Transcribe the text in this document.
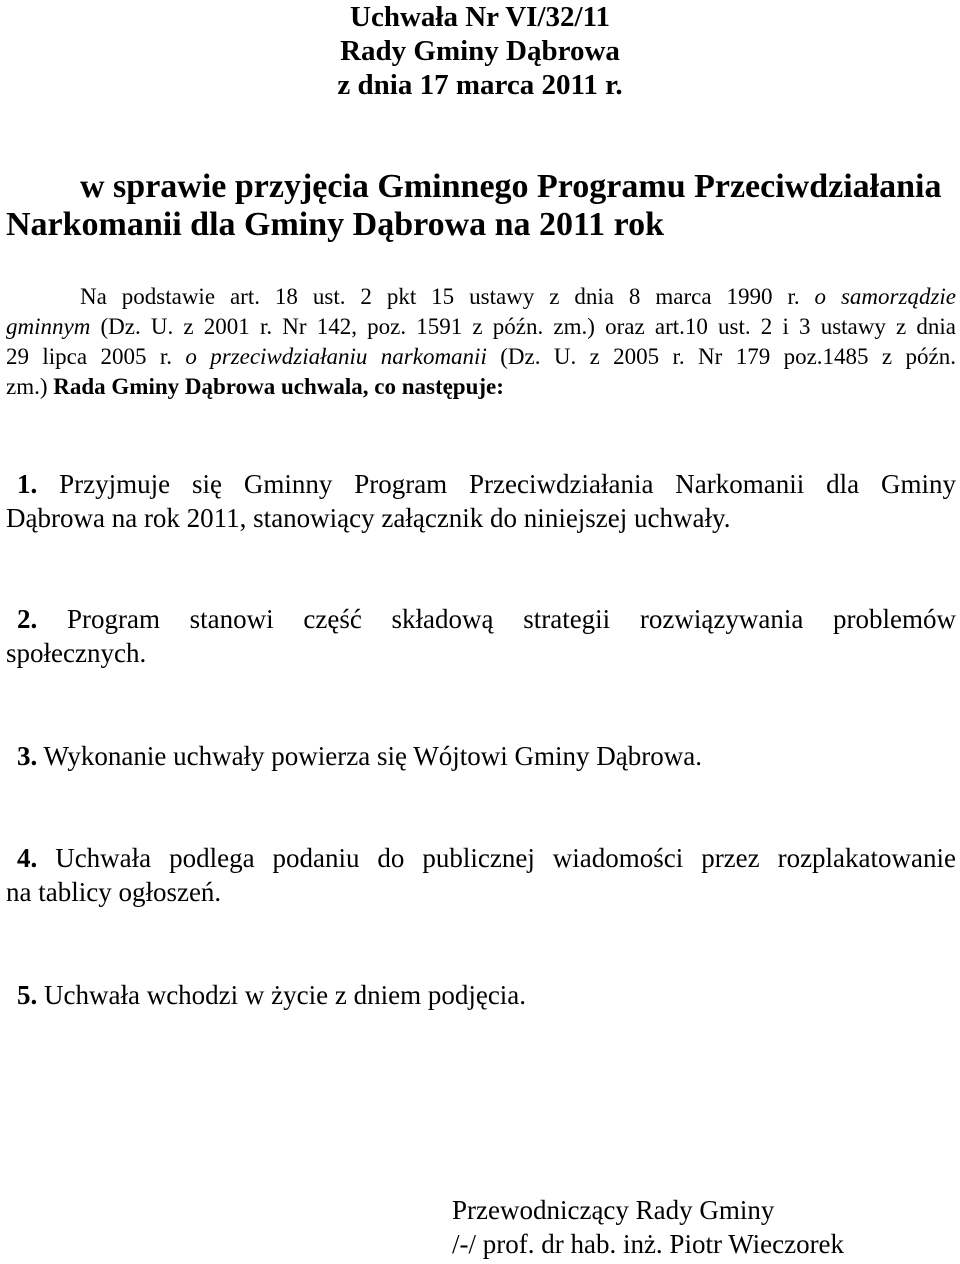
Uchwała Nr VI/32/11
Rady Gminy Dąbrowa
z dnia 17 marca 2011 r.
w sprawie przyjęcia Gminnego Programu Przeciwdziałania
Narkomanii dla Gminy Dąbrowa na 2011 rok
Na podstawie art. 18 ust. 2 pkt 15 ustawy z dnia 8 marca 1990 r. o samorządzie
gminnym (Dz. U. z 2001 r. Nr 142, poz. 1591 z późn. zm.) oraz art.10 ust. 2 i 3 ustawy z dnia
29 lipca 2005 r. o przeciwdziałaniu narkomanii (Dz. U. z 2005 r. Nr 179 poz.1485 z późn.
zm.) Rada Gminy Dąbrowa uchwala, co następuje:
1. Przyjmuje się Gminny Program Przeciwdziałania Narkomanii dla Gminy
Dąbrowa na rok 2011, stanowiący załącznik do niniejszej uchwały.
2. Program stanowi część składową strategii rozwiązywania problemów
społecznych.
3. Wykonanie uchwały powierza się Wójtowi Gminy Dąbrowa.
4. Uchwała podlega podaniu do publicznej wiadomości przez rozplakatowanie
na tablicy ogłoszeń.
5. Uchwała wchodzi w życie z dniem podjęcia.
Przewodniczący Rady Gminy
/-/ prof. dr hab. inż. Piotr Wieczorek
